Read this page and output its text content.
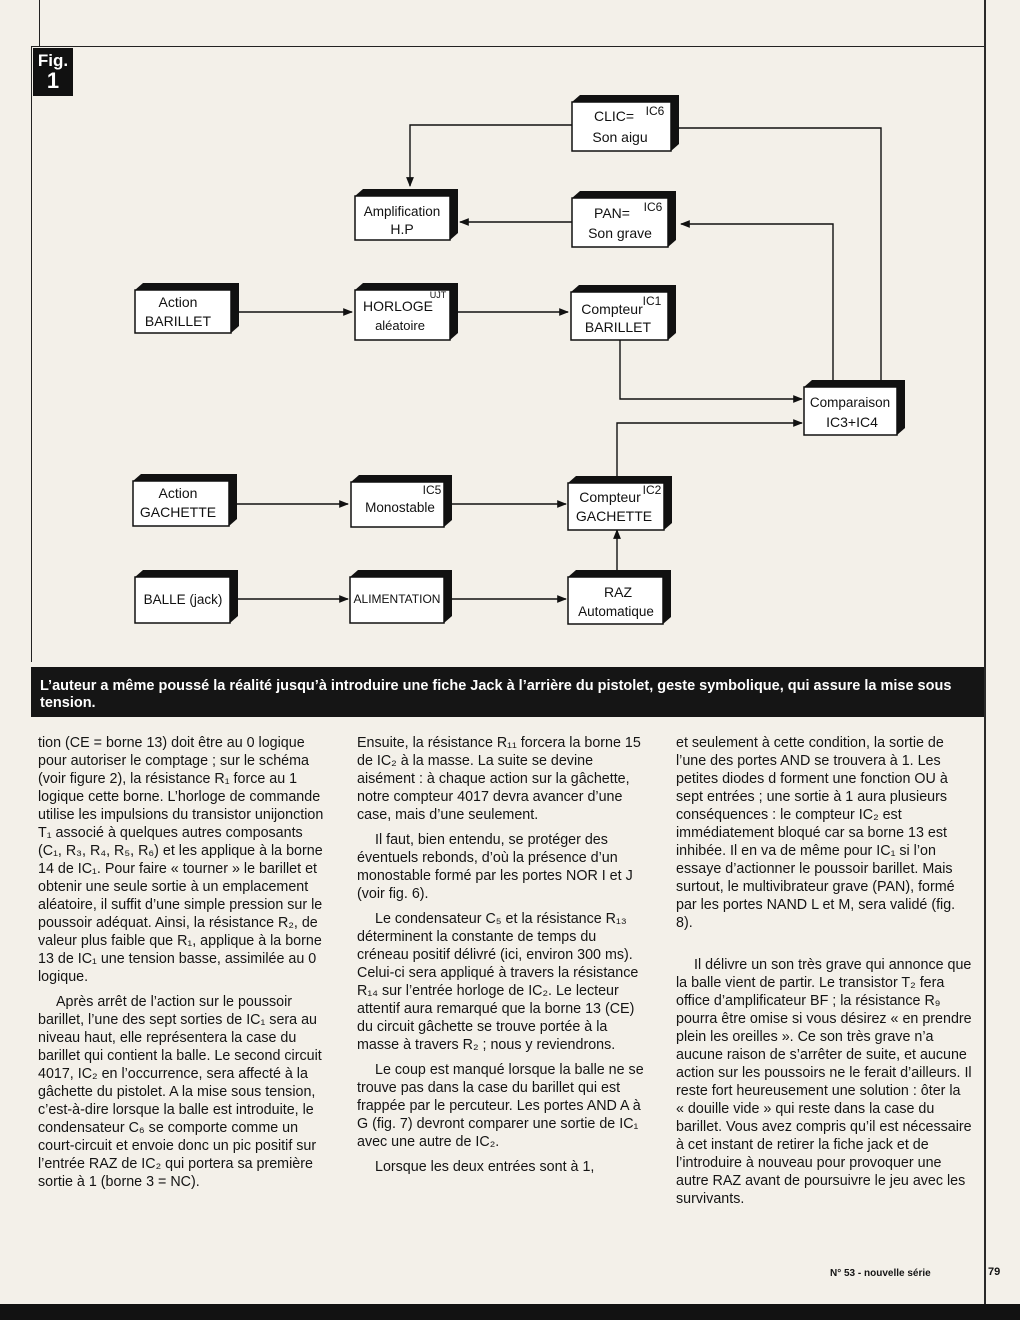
Fig.
1
CLIC=
Son aigu
IC6
PAN=
Son grave
IC6
Amplification
H.P
Action
BARILLET
HORLOGE
aléatoire
UJT
Compteur
BARILLET
IC1
Comparaison
IC3+IC4
Action
GACHETTE	Monostable
IC5	Compteur
GACHETTE
IC2
BALLE (jack)	ALIMENTATION	RAZ
Automatique
L’auteur a même poussé la réalité jusqu’à introduire une fiche Jack à l’arrière du pistolet, geste symbolique, qui assure la mise sous tension.

tion (CE = borne 13) doit être au 0 logique pour autoriser le comptage ; sur le schéma (voir figure 2), la résistance R₁ force au 1 logique cette borne. L’horloge de commande utilise les impulsions du transistor unijonction T₁ associé à quelques autres composants (C₁, R₃, R₄, R₅, R₆) et les applique à la borne 14 de IC₁. Pour faire « tourner » le barillet et obtenir une seule sortie à un emplacement aléatoire, il suffit d’une simple pression sur le poussoir adéquat. Ainsi, la résistance R₂, de valeur plus faible que R₁, applique à la borne 13 de IC₁ une tension basse, assimilée au 0 logique.

Après arrêt de l’action sur le poussoir barillet, l’une des sept sorties de IC₁ sera au niveau haut, elle représentera la case du barillet qui contient la balle. Le second circuit 4017, IC₂ en l’occurrence, sera affecté à la gâchette du pistolet. A la mise sous tension, c’est-à-dire lorsque la balle est introduite, le condensateur C₆ se comporte comme un court-circuit et envoie donc un pic positif sur l’entrée RAZ de IC₂ qui portera sa première sortie à 1 (borne 3 = NC).

Ensuite, la résistance R₁₁ forcera la borne 15 de IC₂ à la masse. La suite se devine aisément : à chaque action sur la gâchette, notre compteur 4017 devra avancer d’une case, mais d’une seulement.

Il faut, bien entendu, se protéger des éventuels rebonds, d’où la présence d’un monostable formé par les portes NOR I et J (voir fig. 6).

Le condensateur C₅ et la résistance R₁₃ déterminent la constante de temps du créneau positif délivré (ici, environ 300 ms). Celui-ci sera appliqué à travers la résistance R₁₄ sur l’entrée horloge de IC₂. Le lecteur attentif aura remarqué que la borne 13 (CE) du circuit gâchette se trouve portée à la masse à travers R₂ ; nous y reviendrons.

Le coup est manqué lorsque la balle ne se trouve pas dans la case du barillet qui est frappée par le percuteur. Les portes AND A à G (fig. 7) devront comparer une sortie de IC₁ avec une autre de IC₂.

Lorsque les deux entrées sont à 1,

et seulement à cette condition, la sortie de l’une des portes AND se trouvera à 1. Les petites diodes d forment une fonction OU à sept entrées ; une sortie à 1 aura plusieurs conséquences : le compteur IC₂ est immédiatement bloqué car sa borne 13 est inhibée. Il en va de même pour IC₁ si l’on essaye d’actionner le poussoir barillet. Mais surtout, le multivibrateur grave (PAN), formé par les portes NAND L et M, sera validé (fig. 8).

Il délivre un son très grave qui annonce que la balle vient de partir. Le transistor T₂ fera office d’amplificateur BF ; la résistance R₉ pourra être omise si vous désirez « en prendre plein les oreilles ». Ce son très grave n’a aucune raison de s’arrêter de suite, et aucune action sur les poussoirs ne le ferait d’ailleurs. Il reste fort heureusement une solution : ôter la « douille vide » qui reste dans la case du barillet. Vous avez compris qu’il est nécessaire à cet instant de retirer la fiche jack et de l’introduire à nouveau pour provoquer une autre RAZ avant de poursuivre le jeu avec les survivants.

N° 53 - nouvelle série	79
